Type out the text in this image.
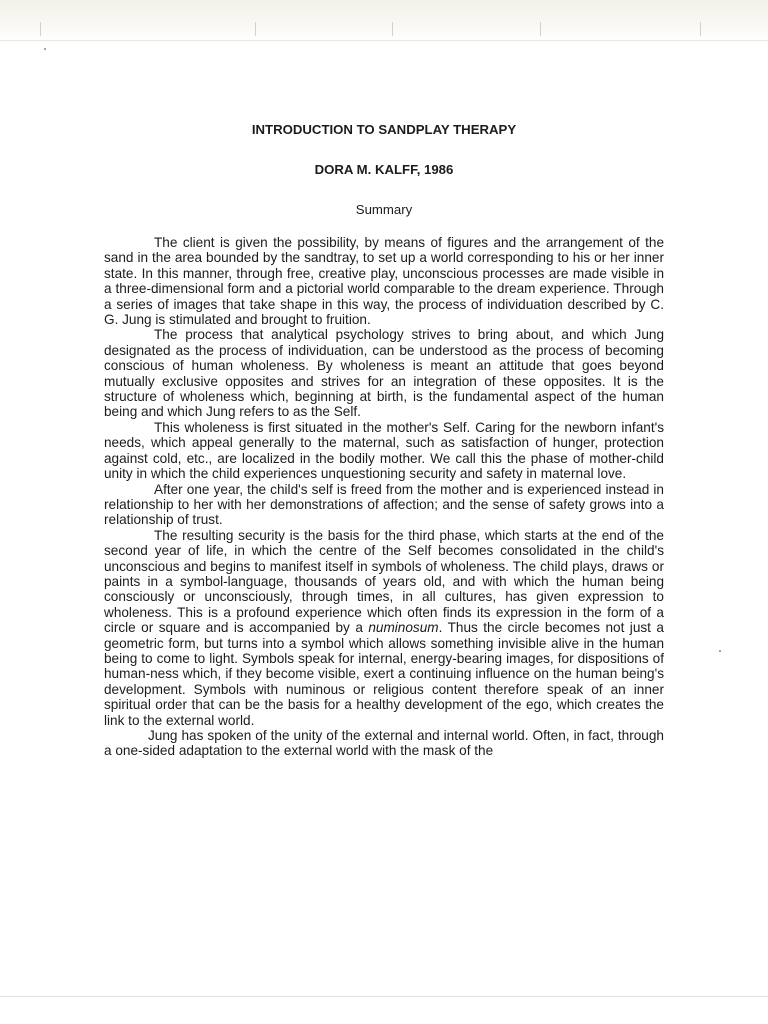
INTRODUCTION TO SANDPLAY THERAPY
DORA M. KALFF, 1986
Summary

The client is given the possibility, by means of figures and the arrangement of the sand in the area bounded by the sandtray, to set up a world corresponding to his or her inner state. In this manner, through free, creative play, unconscious processes are made visible in a three-dimensional form and a pictorial world comparable to the dream experience. Through a series of images that take shape in this way, the process of individuation described by C. G. Jung is stimulated and brought to fruition.

The process that analytical psychology strives to bring about, and which Jung designated as the process of individuation, can be understood as the process of becoming conscious of human wholeness. By wholeness is meant an attitude that goes beyond mutually exclusive opposites and strives for an integration of these opposites. It is the structure of wholeness which, beginning at birth, is the fundamental aspect of the human being and which Jung refers to as the Self.

This wholeness is first situated in the mother's Self. Caring for the newborn infant's needs, which appeal generally to the maternal, such as satisfaction of hunger, protection against cold, etc., are localized in the bodily mother. We call this the phase of mother-child unity in which the child experiences unquestioning security and safety in maternal love.

After one year, the child's self is freed from the mother and is experienced instead in relationship to her with her demonstrations of affection; and the sense of safety grows into a relationship of trust.

The resulting security is the basis for the third phase, which starts at the end of the second year of life, in which the centre of the Self becomes consolidated in the child's unconscious and begins to manifest itself in symbols of wholeness. The child plays, draws or paints in a symbol-language, thousands of years old, and with which the human being consciously or unconsciously, through times, in all cultures, has given expression to wholeness. This is a profound experience which often finds its expression in the form of a circle or square and is accompanied by a numinosum. Thus the circle becomes not just a geometric form, but turns into a symbol which allows something invisible alive in the human being to come to light. Symbols speak for internal, energy-bearing images, for dispositions of human-ness which, if they become visible, exert a continuing influence on the human being's development. Symbols with numinous or religious content therefore speak of an inner spiritual order that can be the basis for a healthy development of the ego, which creates the link to the external world.

Jung has spoken of the unity of the external and internal world. Often, in fact, through a one-sided adaptation to the external world with the mask of the
